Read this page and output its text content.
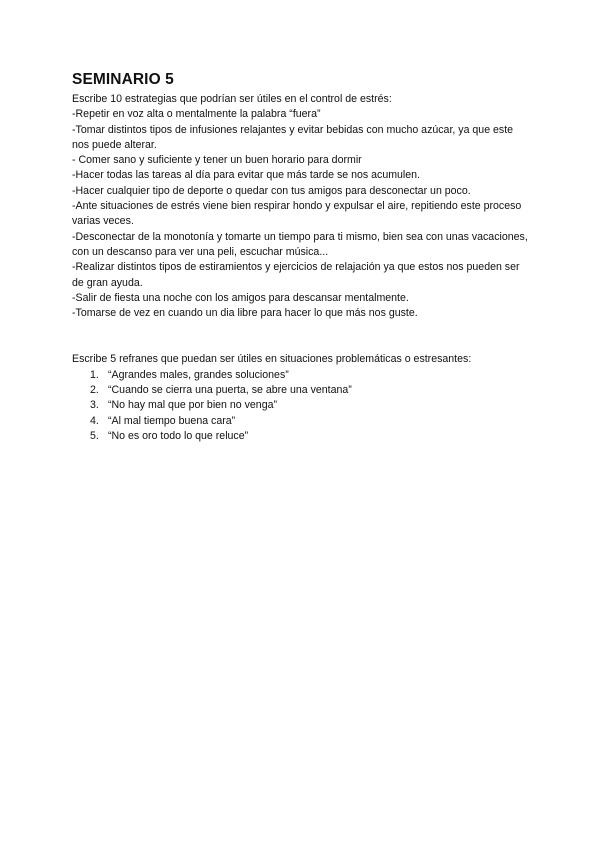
SEMINARIO 5

Escribe 10 estrategias que podrían ser útiles en el control de estrés:

-Repetir en voz alta o mentalmente la palabra “fuera”
-Tomar distintos tipos de infusiones relajantes y evitar bebidas con mucho azúcar, ya que este nos puede alterar.
- Comer sano y suficiente y tener un buen horario para dormir
-Hacer todas las tareas al día para evitar que más tarde se nos acumulen.
-Hacer cualquier tipo de deporte o quedar con tus amigos para desconectar un poco.
-Ante situaciones de estrés viene bien respirar hondo y expulsar el aire, repitiendo este proceso varias veces.
-Desconectar de la monotonía y tomarte un tiempo para ti mismo, bien sea con unas vacaciones, con un descanso para ver una peli, escuchar música...
-Realizar distintos tipos de estiramientos y ejercicios de relajación ya que estos nos pueden ser de gran ayuda.
-Salir de fiesta una noche con los amigos para descansar mentalmente.
-Tomarse de vez en cuando un dia libre para hacer lo que más nos guste.

Escribe 5 refranes que puedan ser útiles en situaciones problemáticas o estresantes:

1. “Agrandes males, grandes soluciones”
2. “Cuando se cierra una puerta, se abre una ventana”
3. “No hay mal que por bien no venga”
4. “Al mal tiempo buena cara”
5. “No es oro todo lo que reluce”
